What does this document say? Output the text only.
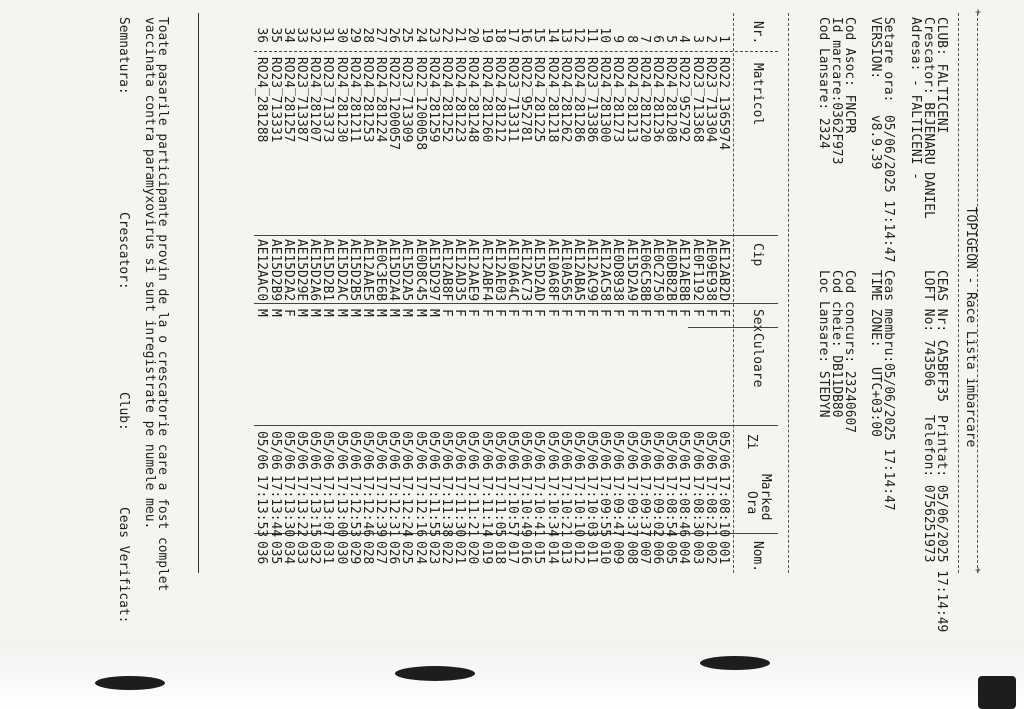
+
+
TOPIGEON - Race Lista imbarcare
CLUB: FALTICENI
CEAS Nr: CA5BFF35
Printat: 05/06/2025 17:14:49
Crescator: BEJENARU DANIEL
LOFT No: 743506
Telefon: 0756251973
Adresa: - FALTICENI -
Setare ora:
05/06/2025 17:14:47
Ceas membru:05/06/2025 17:14:47
VERSION:
v8.9.39
TIME ZONE:
UTC+03:00
Cod Asoc: FNCPR
Cod concurs: 23240607
Id marcare:0362F973
Cod cheie: DB11DB80
Cod Lansare: 2324
Loc Lansare: STEDYN
Nr.
Matricol
Cip
Sex
Culoare
Marked
Zi
Ora
Nom.
1
RO22_1365974
AE12AB2D
F
05/06
17:08:10
001
2
RO23_713304
AE09E938
F
05/06
17:08:21
002
3
RO23_713368
AE0F1192
F
05/06
17:08:30
003
4
RO22_952792
AE12AE8B
F
05/06
17:08:46
004
5
RO24_281208
AE0DB82B
F
05/06
17:08:54
005
6
RO24_281236
AE0C2750
F
05/06
17:09:02
006
7
RO24_281220
AE06C58B
F
05/06
17:09:37
007
8
RO24_281213
AE15D2A9
F
05/06
17:09:37
008
9
RO24_281273
AE0D8938
F
05/06
17:09:47
009
10
RO24_281300
AE12AC58
F
05/06
17:09:55
010
11
RO23_713386
AE12AC99
F
05/06
17:10:03
011
12
RO24_281286
AE12ABA5
F
05/06
17:10:10
012
13
RO24_281262
AE10A565
F
05/06
17:10:21
013
14
RO24_281218
AE10A68F
F
05/06
17:10:34
014
15
RO24_281225
AE15D2AD
F
05/06
17:10:41
015
16
RO22_952781
AE12AC73
F
05/06
17:10:49
016
17
RO23_713311
AE10A64C
F
05/06
17:10:57
017
18
RO24_281212
AE12AE03
F
05/06
17:11:05
018
19
RO24_281260
AE12ABF4
F
05/06
17:11:14
019
20
RO24_281248
AE12AAE9
F
05/06
17:11:21
020
21
RO24_281223
AE12AD35
F
05/06
17:11:30
021
22
RO24_281252
AE12AB8F
F
05/06
17:11:38
022
23
RO24_281259
AE15D297
M
05/06
17:11:55
023
24
RO22_1200058
AE0D8C45
M
05/06
17:12:16
024
25
RO23_713309
AE15D2A5
M
05/06
17:12:24
025
26
RO22_1200057
AE15D2A4
M
05/06
17:12:31
026
27
RO24_281224
AE0C3E6B
M
05/06
17:12:39
027
28
RO24_281253
AE12AAE5
M
05/06
17:12:46
028
29
RO24_281211
AE15D2B5
M
05/06
17:12:53
029
30
RO24_281230
AE15D2AC
M
05/06
17:13:00
030
31
RO23_713373
AE15D2B1
M
05/06
17:13:07
031
32
RO24_281207
AE15D2A6
M
05/06
17:13:15
032
33
RO23_713387
AE15D29E
M
05/06
17:13:22
033
34
RO24_281257
AE15D2A2
F
05/06
17:13:30
034
35
RO23_713331
AE15D2B9
M
05/06
17:13:44
035
36
RO24_281288
AE12AAC0
M
05/06
17:13:53
036
Toate pasarile participante provin de la o crescatorie care a fost complet
vaccinata contra paramyxovirus si sunt inregistrate pe numele meu.
Semnatura:
Crescator:
Club:
Ceas Verificat:
